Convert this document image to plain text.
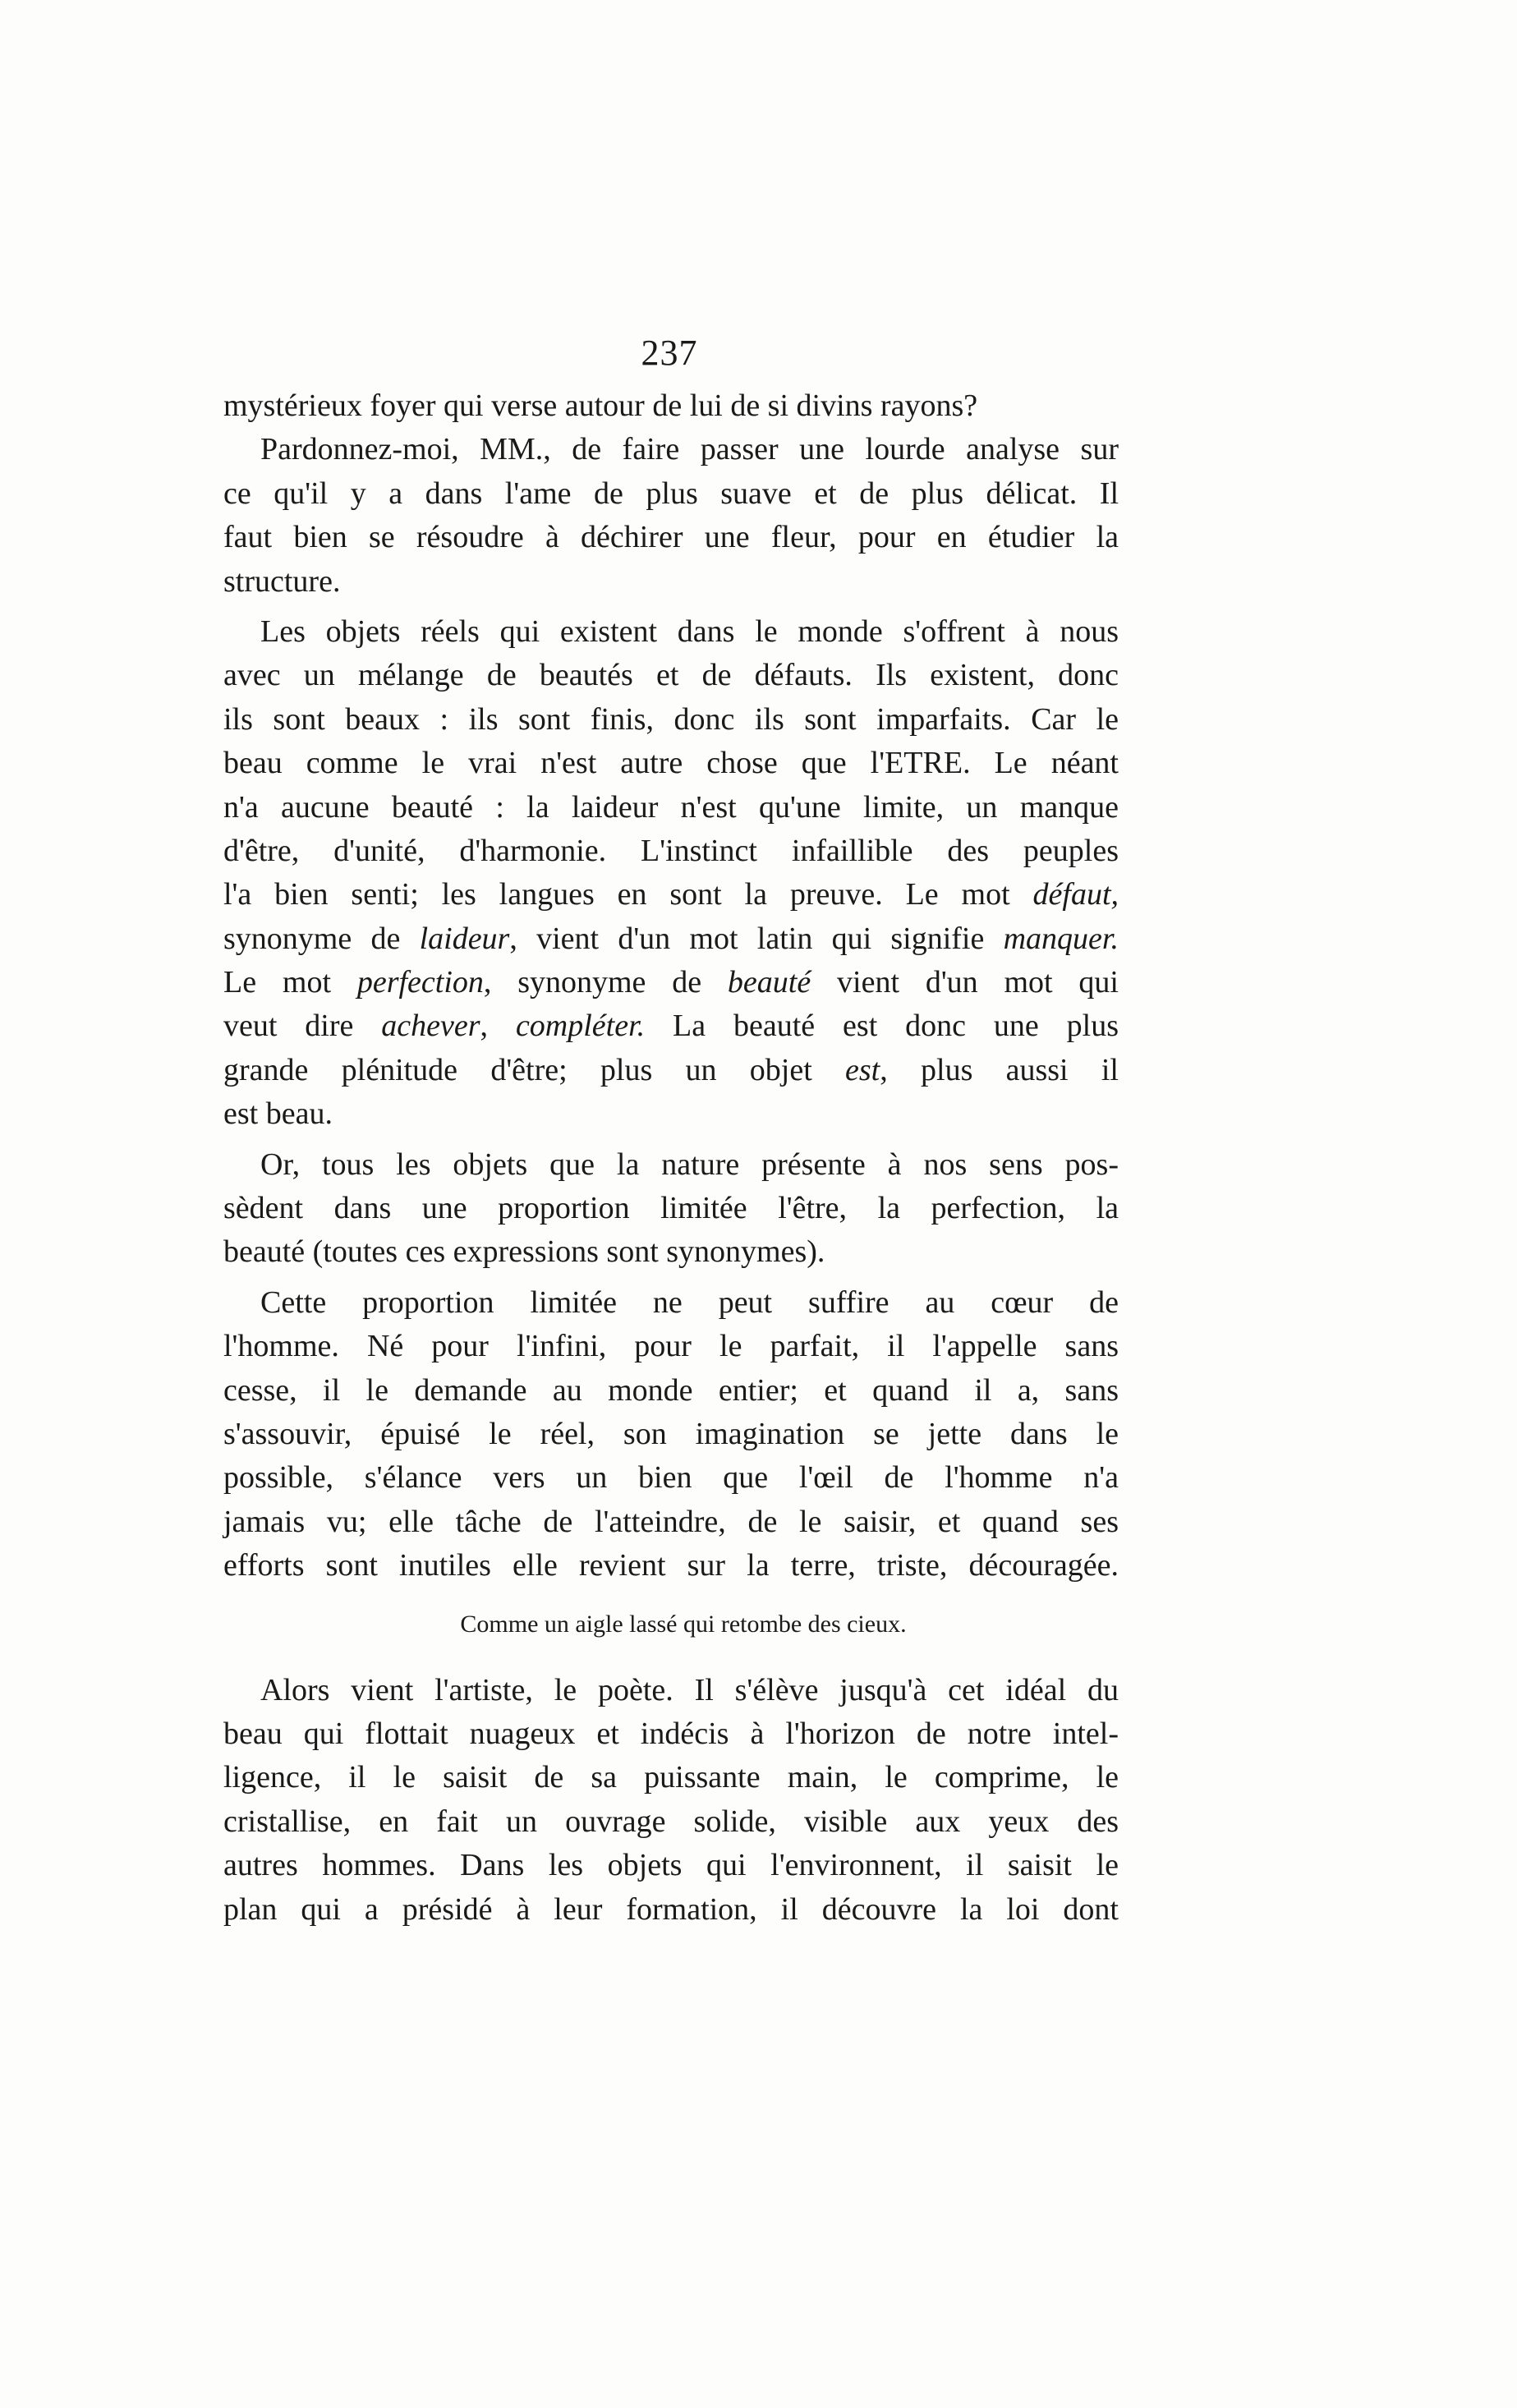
237
mystérieux foyer qui verse autour de lui de si divins rayons?
Pardonnez-moi, MM., de faire passer une lourde analyse sur
ce qu'il y a dans l'ame de plus suave et de plus délicat. Il
faut bien se résoudre à déchirer une fleur, pour en étudier la
structure.
Les objets réels qui existent dans le monde s'offrent à nous
avec un mélange de beautés et de défauts. Ils existent, donc
ils sont beaux : ils sont finis, donc ils sont imparfaits. Car le
beau comme le vrai n'est autre chose que l'ETRE. Le néant
n'a aucune beauté : la laideur n'est qu'une limite, un manque
d'être, d'unité, d'harmonie. L'instinct infaillible des peuples
l'a bien senti; les langues en sont la preuve. Le mot défaut,
synonyme de laideur, vient d'un mot latin qui signifie manquer.
Le mot perfection, synonyme de beauté vient d'un mot qui
veut dire achever, compléter. La beauté est donc une plus
grande plénitude d'être; plus un objet est, plus aussi il
est beau.
Or, tous les objets que la nature présente à nos sens pos-
sèdent dans une proportion limitée l'être, la perfection, la
beauté (toutes ces expressions sont synonymes).
Cette proportion limitée ne peut suffire au cœur de
l'homme. Né pour l'infini, pour le parfait, il l'appelle sans
cesse, il le demande au monde entier; et quand il a, sans
s'assouvir, épuisé le réel, son imagination se jette dans le
possible, s'élance vers un bien que l'œil de l'homme n'a
jamais vu; elle tâche de l'atteindre, de le saisir, et quand ses
efforts sont inutiles elle revient sur la terre, triste, découragée.
Comme un aigle lassé qui retombe des cieux.
Alors vient l'artiste, le poète. Il s'élève jusqu'à cet idéal du
beau qui flottait nuageux et indécis à l'horizon de notre intel-
ligence, il le saisit de sa puissante main, le comprime, le
cristallise, en fait un ouvrage solide, visible aux yeux des
autres hommes. Dans les objets qui l'environnent, il saisit le
plan qui a présidé à leur formation, il découvre la loi dont
